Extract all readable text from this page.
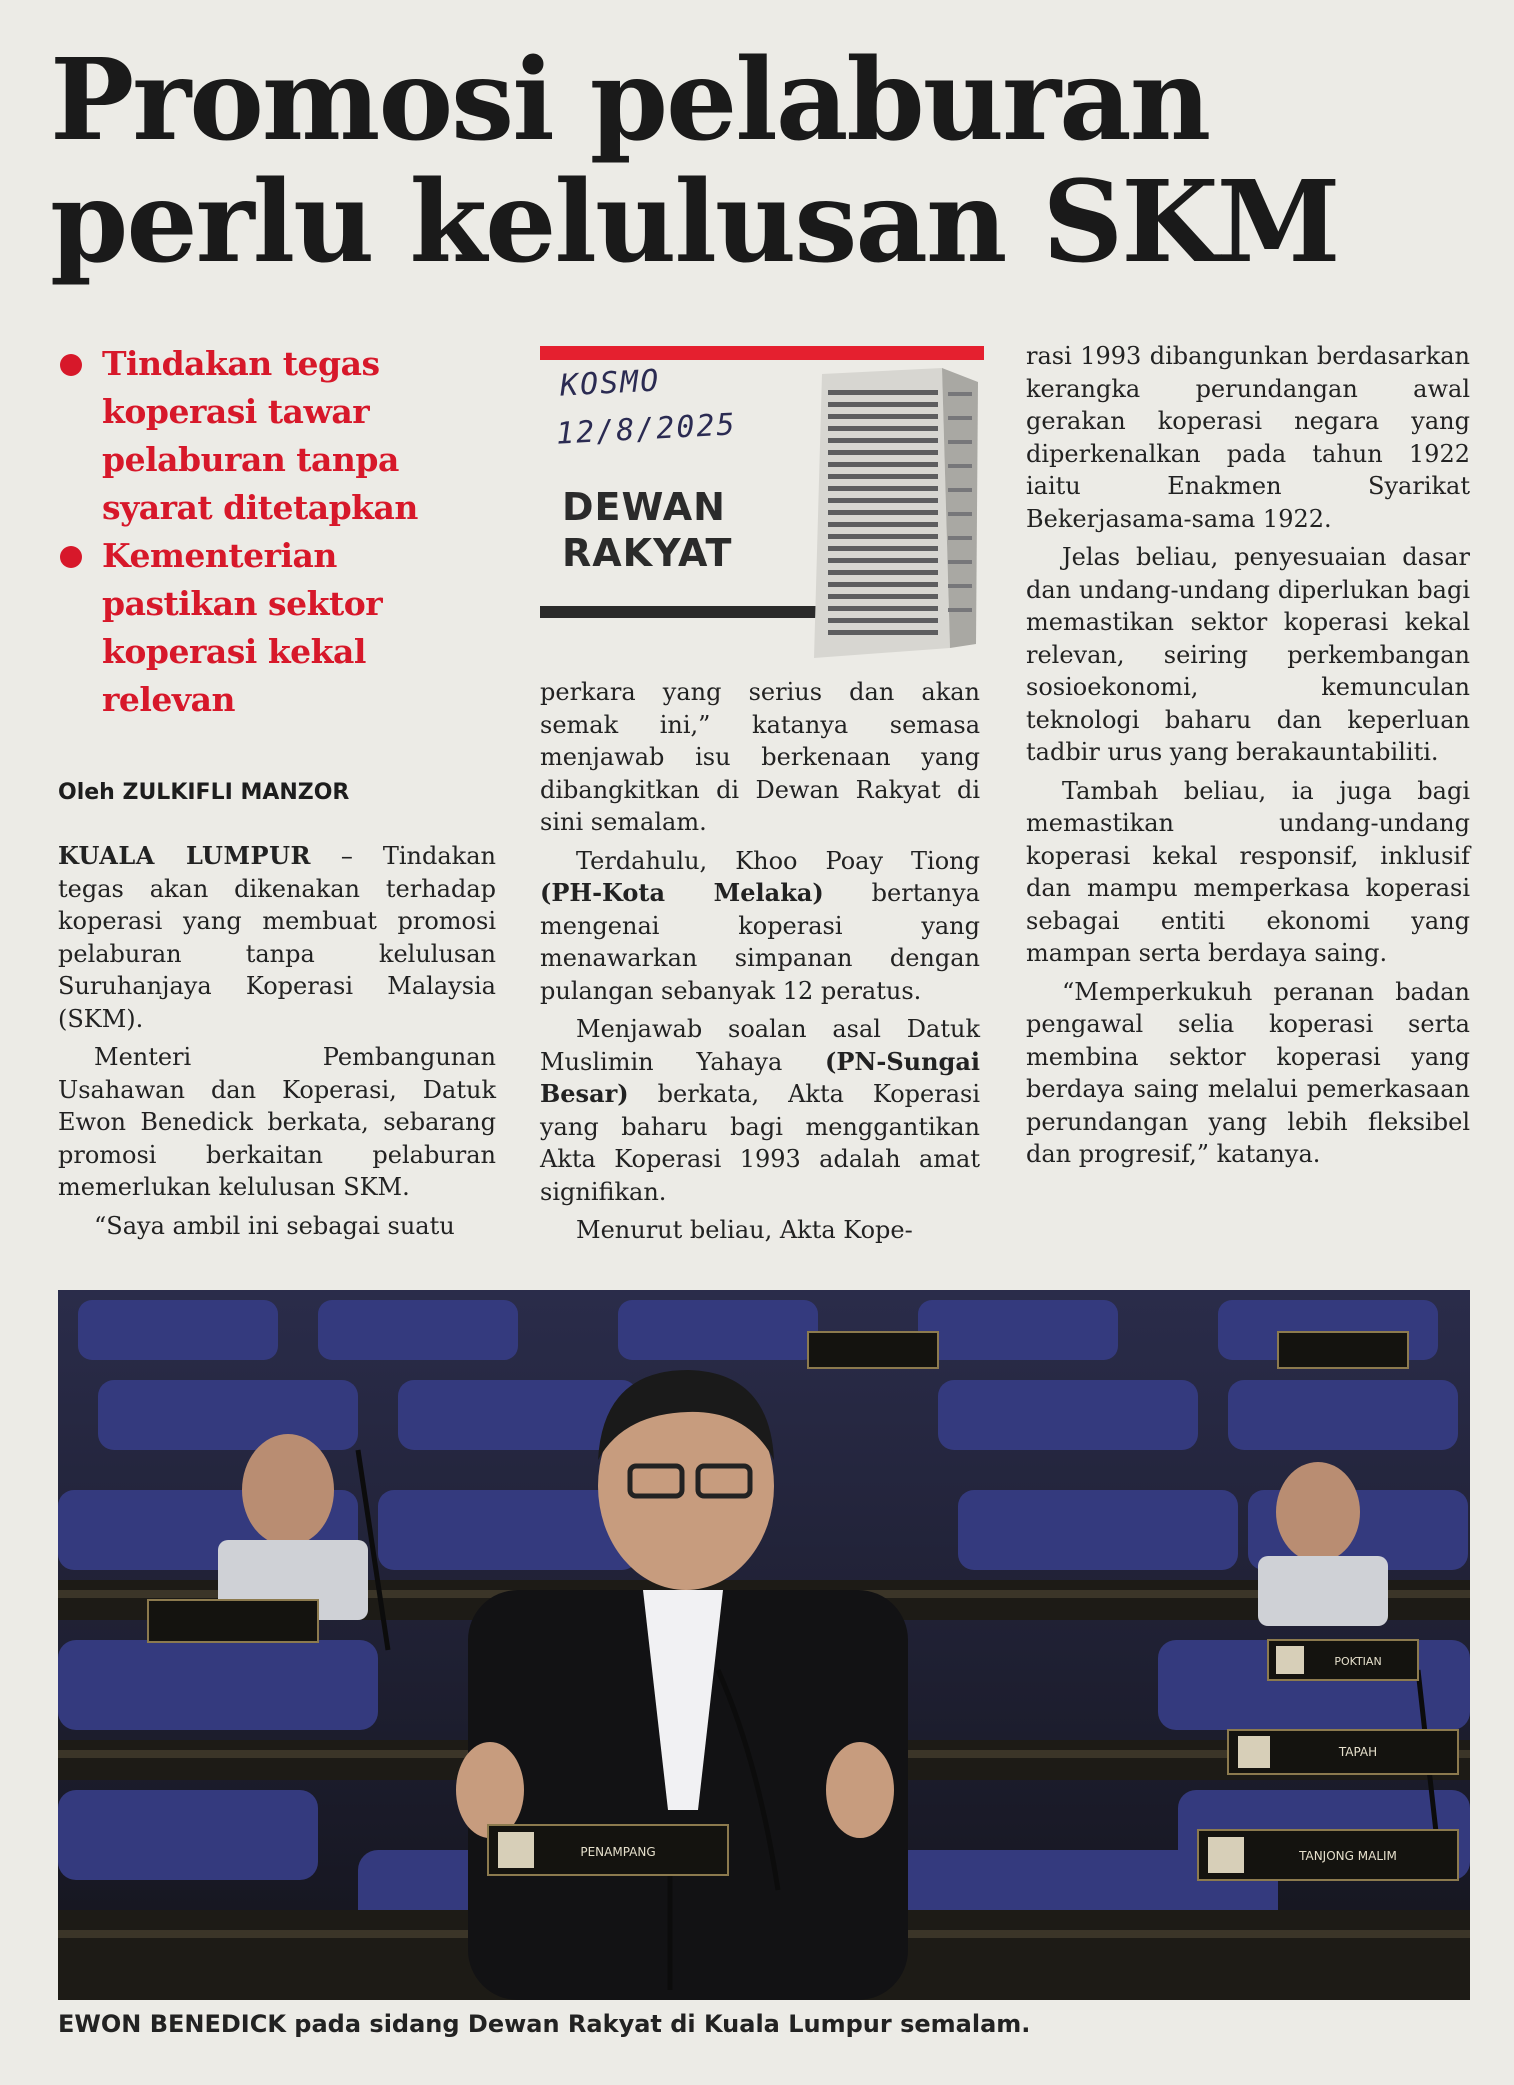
Promosi pelaburan
perlu kelulusan SKM
Tindakan tegas
koperasi tawar
pelaburan tanpa
syarat ditetapkan
Kementerian
pastikan sektor
koperasi kekal
relevan
Oleh ZULKIFLI MANZOR
DEWAN
RAKYAT
KOSMO
12/8/2025

KUALA LUMPUR – Tindakan tegas akan dikenakan terhadap koperasi yang membuat promosi pelaburan tanpa kelulusan Suruhanjaya Koperasi Malaysia (SKM).

Menteri Pembangunan Usahawan dan Koperasi, Datuk Ewon Benedick berkata, sebarang promosi berkaitan pelaburan memerlukan kelulusan SKM.

“Saya ambil ini sebagai suatu

perkara yang serius dan akan semak ini,” katanya semasa menjawab isu berkenaan yang dibangkitkan di Dewan Rakyat di sini semalam.

Terdahulu, Khoo Poay Tiong (PH-Kota Melaka) bertanya mengenai koperasi yang menawarkan simpanan dengan pulangan sebanyak 12 peratus.

Menjawab soalan asal Datuk Muslimin Yahaya (PN-Sungai Besar) berkata, Akta Koperasi yang baharu bagi menggantikan Akta Koperasi 1993 adalah amat signifikan.

Menurut beliau, Akta Kope-

rasi 1993 dibangunkan berdasarkan kerangka perundangan awal gerakan koperasi negara yang diperkenalkan pada tahun 1922 iaitu Enakmen Syarikat Bekerjasama-sama 1922.

Jelas beliau, penyesuaian dasar dan undang-undang diperlukan bagi memastikan sektor koperasi kekal relevan, seiring perkembangan sosioekonomi, kemunculan teknologi baharu dan keperluan tadbir urus yang berakauntabiliti.

Tambah beliau, ia juga bagi memastikan undang-undang koperasi kekal responsif, inklusif dan mampu memperkasa koperasi sebagai entiti ekonomi yang mampan serta berdaya saing.

“Memperkukuh peranan badan pengawal selia koperasi serta membina sektor koperasi yang berdaya saing melalui pemerkasaan perundangan yang lebih fleksibel dan progresif,” katanya.

PENAMPANG
POKTIAN
TANJONG MALIM
TAPAH
EWON BENEDICK pada sidang Dewan Rakyat di Kuala Lumpur semalam.
